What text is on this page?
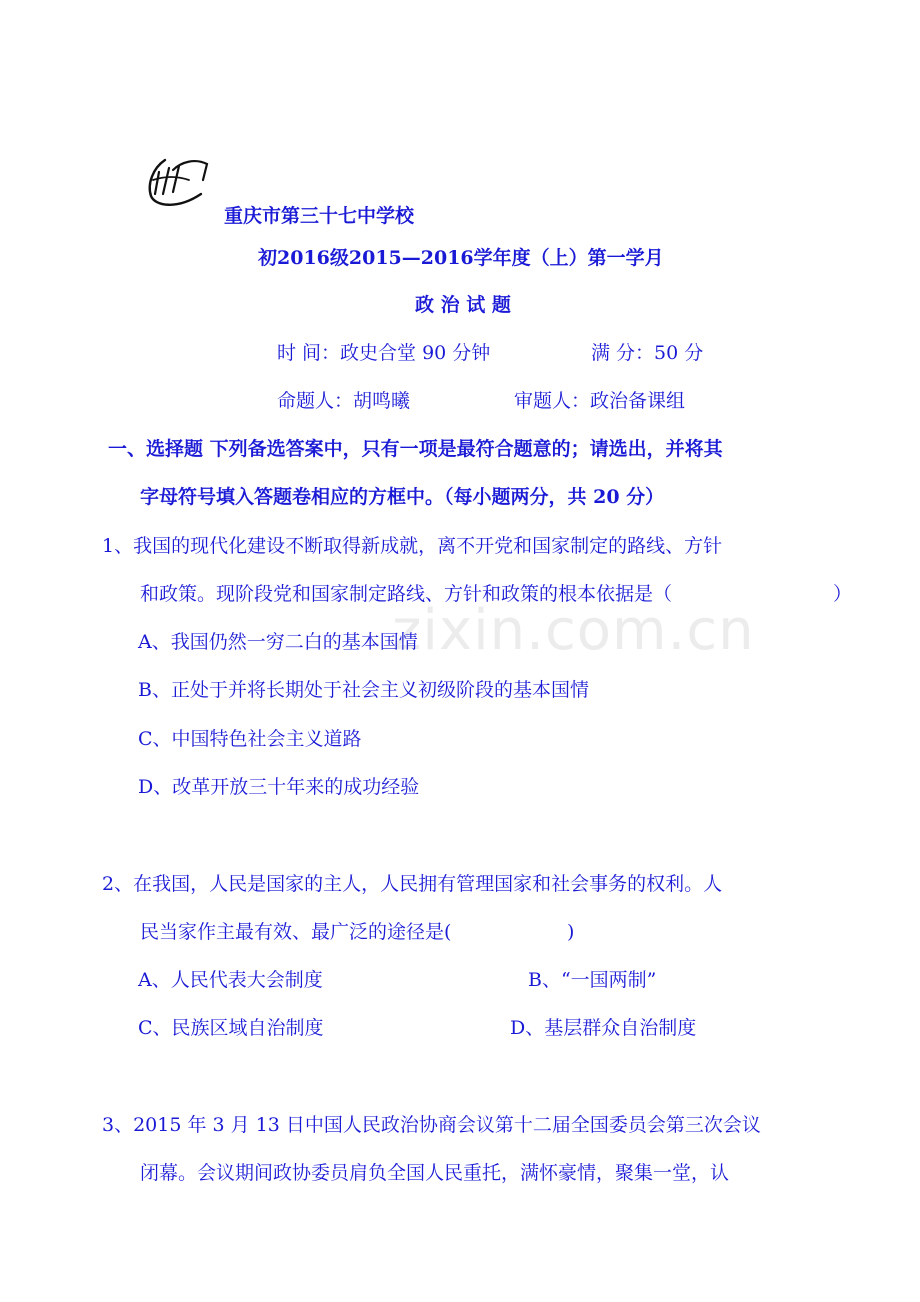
zixin.com.cn
重庆市第三十七中学校
初2016级2015—2016学年度（上）第一学月
政 治 试 题
时 间：政史合堂 90 分钟	满 分：50 分
命题人：胡鸣曦	审题人：政治备课组
一、选择题 下列备选答案中，只有一项是最符合题意的；请选出，并将其
字母符号填入答题卷相应的方框中。（每小题两分，共 20 分）
1、我国的现代化建设不断取得新成就，离不开党和国家制定的路线、方针
和政策。现阶段党和国家制定路线、方针和政策的根本依据是（	）
A、我国仍然一穷二白的基本国情
B、正处于并将长期处于社会主义初级阶段的基本国情
C、中国特色社会主义道路
D、改革开放三十年来的成功经验
2、在我国，人民是国家的主人，人民拥有管理国家和社会事务的权利。人
民当家作主最有效、最广泛的途径是(	)
A、人民代表大会制度	B、“一国两制”
C、民族区域自治制度	D、基层群众自治制度
3、2015 年 3 月 13 日中国人民政治协商会议第十二届全国委员会第三次会议
闭幕。会议期间政协委员肩负全国人民重托，满怀豪情，聚集一堂，认
